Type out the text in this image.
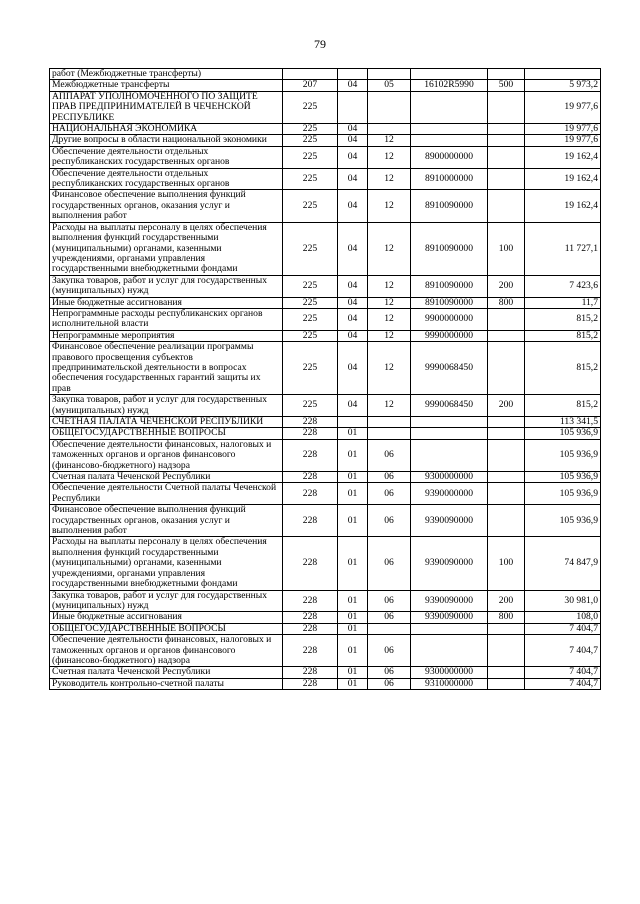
79
работ (Межбюджетные трансферты)						
Межбюджетные трансферты	207	04	05	16102R5990	500	5 973,2
АППАРАТ УПОЛНОМОЧЕННОГО ПО ЗАЩИТЕ ПРАВ ПРЕДПРИНИМАТЕЛЕЙ В ЧЕЧЕНСКОЙ РЕСПУБЛИКЕ	225					19 977,6
НАЦИОНАЛЬНАЯ ЭКОНОМИКА	225	04				19 977,6
Другие вопросы в области национальной экономики	225	04	12			19 977,6
Обеспечение деятельности отдельных республиканских государственных органов	225	04	12	8900000000		19 162,4
Обеспечение деятельности отдельных республиканских государственных органов	225	04	12	8910000000		19 162,4
Финансовое обеспечение выполнения функций государственных органов, оказания услуг и выполнения работ	225	04	12	8910090000		19 162,4
Расходы на выплаты персоналу в целях обеспечения выполнения функций государственными (муниципальными) органами, казенными учреждениями, органами управления государственными внебюджетными фондами	225	04	12	8910090000	100	11 727,1
Закупка товаров, работ и услуг для государственных (муниципальных) нужд	225	04	12	8910090000	200	7 423,6
Иные бюджетные ассигнования	225	04	12	8910090000	800	11,7
Непрограммные расходы республиканских органов исполнительной власти	225	04	12	9900000000		815,2
Непрограммные мероприятия	225	04	12	9990000000		815,2
Финансовое обеспечение реализации программы правового просвещения субъектов предпринимательской деятельности в вопросах обеспечения государственных гарантий защиты их прав	225	04	12	9990068450		815,2
Закупка товаров, работ и услуг для государственных (муниципальных) нужд	225	04	12	9990068450	200	815,2
СЧЕТНАЯ ПАЛАТА ЧЕЧЕНСКОЙ РЕСПУБЛИКИ	228					113 341,5
ОБЩЕГОСУДАРСТВЕННЫЕ ВОПРОСЫ	228	01				105 936,9
Обеспечение деятельности финансовых, налоговых и таможенных органов и органов финансового (финансово-бюджетного) надзора	228	01	06			105 936,9
Счетная палата Чеченской Республики	228	01	06	9300000000		105 936,9
Обеспечение деятельности Счетной палаты Чеченской Республики	228	01	06	9390000000		105 936,9
Финансовое обеспечение выполнения функций государственных органов, оказания услуг и выполнения работ	228	01	06	9390090000		105 936,9
Расходы на выплаты персоналу в целях обеспечения выполнения функций государственными (муниципальными) органами, казенными учреждениями, органами управления государственными внебюджетными фондами	228	01	06	9390090000	100	74 847,9
Закупка товаров, работ и услуг для государственных (муниципальных) нужд	228	01	06	9390090000	200	30 981,0
Иные бюджетные ассигнования	228	01	06	9390090000	800	108,0
ОБЩЕГОСУДАРСТВЕННЫЕ ВОПРОСЫ	228	01				7 404,7
Обеспечение деятельности финансовых, налоговых и таможенных органов и органов финансового (финансово-бюджетного) надзора	228	01	06			7 404,7
Счетная палата Чеченской Республики	228	01	06	9300000000		7 404,7
Руководитель контрольно-счетной палаты	228	01	06	9310000000		7 404,7
